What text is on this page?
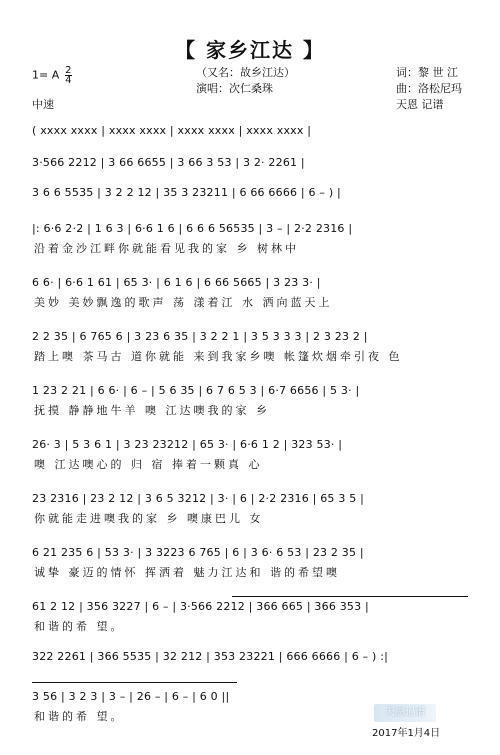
【 家乡江达 】
（又名：故乡江达）
演唱：次仁桑珠
词：黎 世 江
曲：洛松尼玛
天恩 记谱
1= A $\frac{2}{4}$
中速
( xxxx xxxx | xxxx xxxx | xxxx xxxx | xxxx xxxx |
3·566 2212 | 3 66 6655 | 3 66 3 53 | 3 2· 2261 |
3 6 6 5535 | 3 2 2 12 | 35 3 23211 | 6 66 6666 | 6 – ) |
|: 6·6 2·2 | 1 6 3 | 6·6 1 6 | 6 6 6 56535 | 3 – | 2·2 2316 |
沿着金沙江畔你就能看见我的家 乡 树林中
6 6· | 6·6 1 61 | 65 3· | 6 1 6 | 6 66 5665 | 3 23 3· |
美妙 美妙飘逸的歌声 荡 漾着江 水 洒向蓝天上
2 2 35 | 6 765 6 | 3 23 6 35 | 3 2 2 1 | 3 5 3 3 3 | 2 3 23 2 |
踏上噢 茶马古 道你就能 来到我家乡噢 帐篷炊烟牵引夜 色
1 23 2 21 | 6 6· | 6 – | 5 6 35 | 6 7 6 5 3 | 6·7 6656 | 5 3· |
抚摸 静静地牛羊 噢 江达噢我的家 乡
26· 3 | 5 3 6 1 | 3 23 23212 | 65 3· | 6·6 1 2 | 323 53· |
噢 江达噢心的 归 宿 捧着一颗真 心
23 2316 | 23 2 12 | 3 6 5 3212 | 3· | 6 | 2·2 2316 | 65 3 5 |
你就能走进噢我的家 乡 噢康巴儿 女
6 21 235 6 | 53 3· | 3 3223 6 765 | 6 | 3 6· 6 53 | 23 2 35 |
诚挚 豪迈的情怀 挥洒着 魅力江达和 谐的希望噢
61 2 12 | 356 3227 | 6 – | 3·566 2212 | 366 665 | 366 353 |
和谐的希 望。
322 2261 | 366 5535 | 32 212 | 353 23221 | 666 6666 | 6 – ) :|
3 56 | 3 2 3 | 3 – | 26 – | 6 – | 6 0 ||
和谐的希 望。	天恩记谱
2017年1月4日
